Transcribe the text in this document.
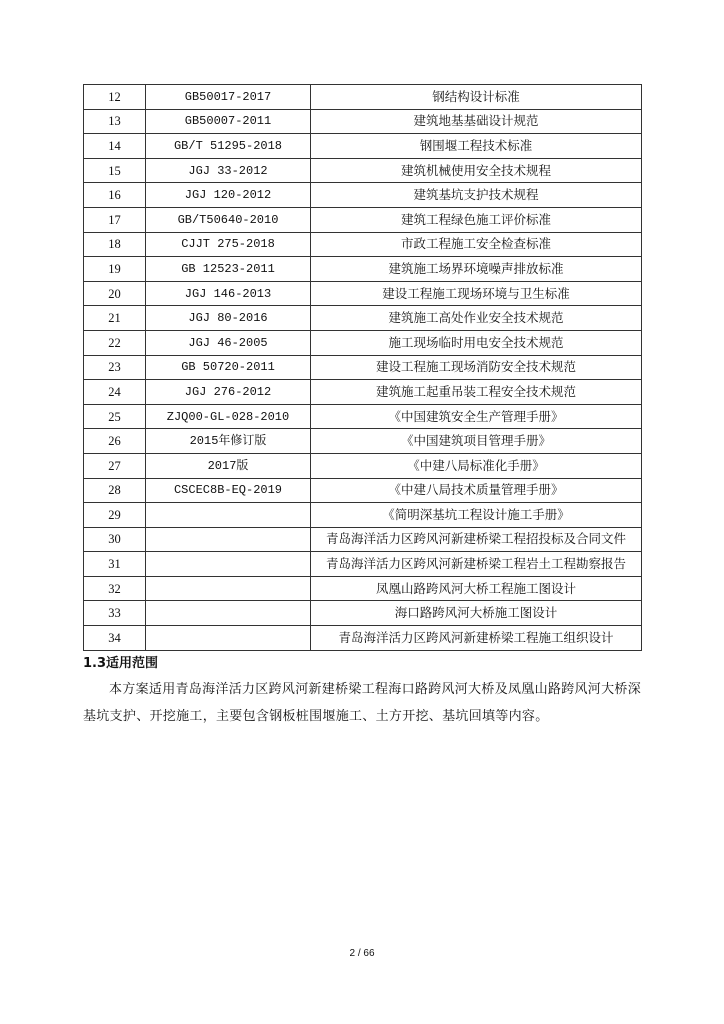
12	GB50017-2017	钢结构设计标准
13	GB50007-2011	建筑地基基础设计规范
14	GB/T 51295-2018	钢围堰工程技术标准
15	JGJ 33-2012	建筑机械使用安全技术规程
16	JGJ 120-2012	建筑基坑支护技术规程
17	GB/T50640-2010	建筑工程绿色施工评价标准
18	CJJT 275-2018	市政工程施工安全检查标准
19	GB 12523-2011	建筑施工场界环境噪声排放标准
20	JGJ 146-2013	建设工程施工现场环境与卫生标准
21	JGJ 80-2016	建筑施工高处作业安全技术规范
22	JGJ 46-2005	施工现场临时用电安全技术规范
23	GB 50720-2011	建设工程施工现场消防安全技术规范
24	JGJ 276-2012	建筑施工起重吊装工程安全技术规范
25	ZJQ00-GL-028-2010	《中国建筑安全生产管理手册》
26	2015年修订版	《中国建筑项目管理手册》
27	2017版	《中建八局标准化手册》
28	CSCEC8B-EQ-2019	《中建八局技术质量管理手册》
29		《简明深基坑工程设计施工手册》
30		青岛海洋活力区跨风河新建桥梁工程招投标及合同文件
31		青岛海洋活力区跨风河新建桥梁工程岩土工程勘察报告
32		凤凰山路跨风河大桥工程施工图设计
33		海口路跨风河大桥施工图设计
34		青岛海洋活力区跨风河新建桥梁工程施工组织设计
1.3适用范围
本方案适用青岛海洋活力区跨风河新建桥梁工程海口路跨风河大桥及凤凰山路跨风河大桥深基坑支护、开挖施工，主要包含钢板桩围堰施工、土方开挖、基坑回填等内容。
2 / 66
